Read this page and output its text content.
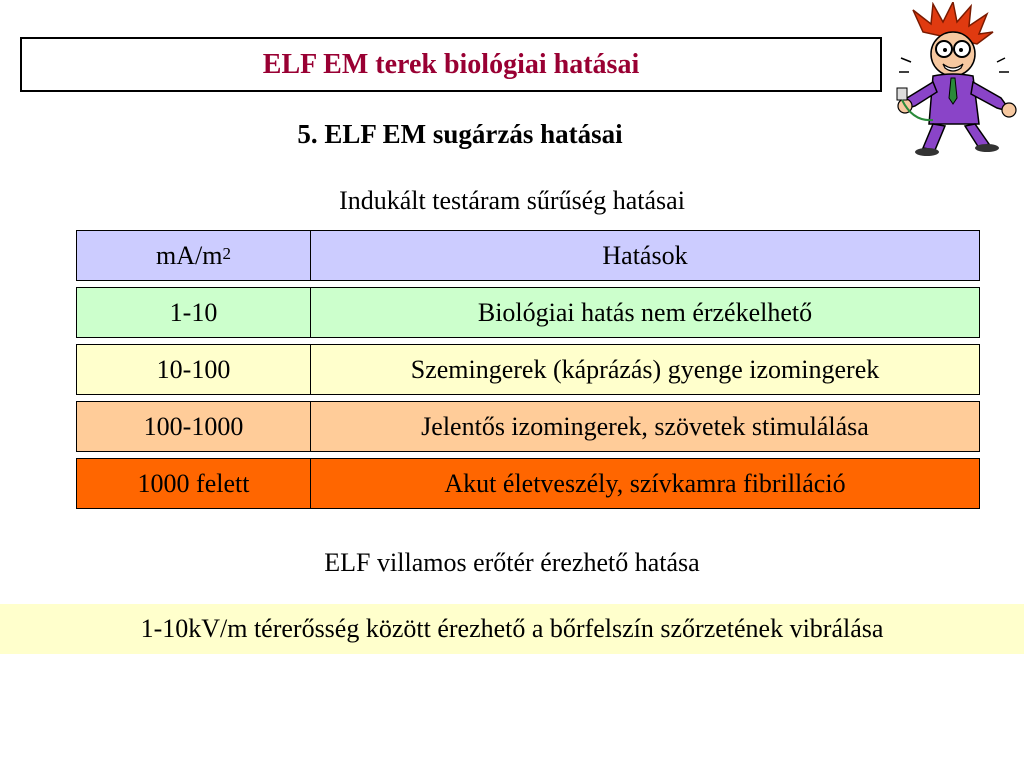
ELF EM terek biológiai hatásai
5. ELF EM sugárzás hatásai
Indukált testáram sűrűség hatásai
mA/m 2	Hatások
1-10	Biológiai hatás nem érzékelhető
10-100	Szemingerek (káprázás) gyenge izomingerek
100-1000	Jelentős izomingerek, szövetek stimulálása
1000 felett	Akut életveszély, szívkamra fibrilláció
ELF villamos erőtér érezhető hatása
1-10kV/m térerősség között érezhető a bőrfelszín szőrzetének vibrálása
